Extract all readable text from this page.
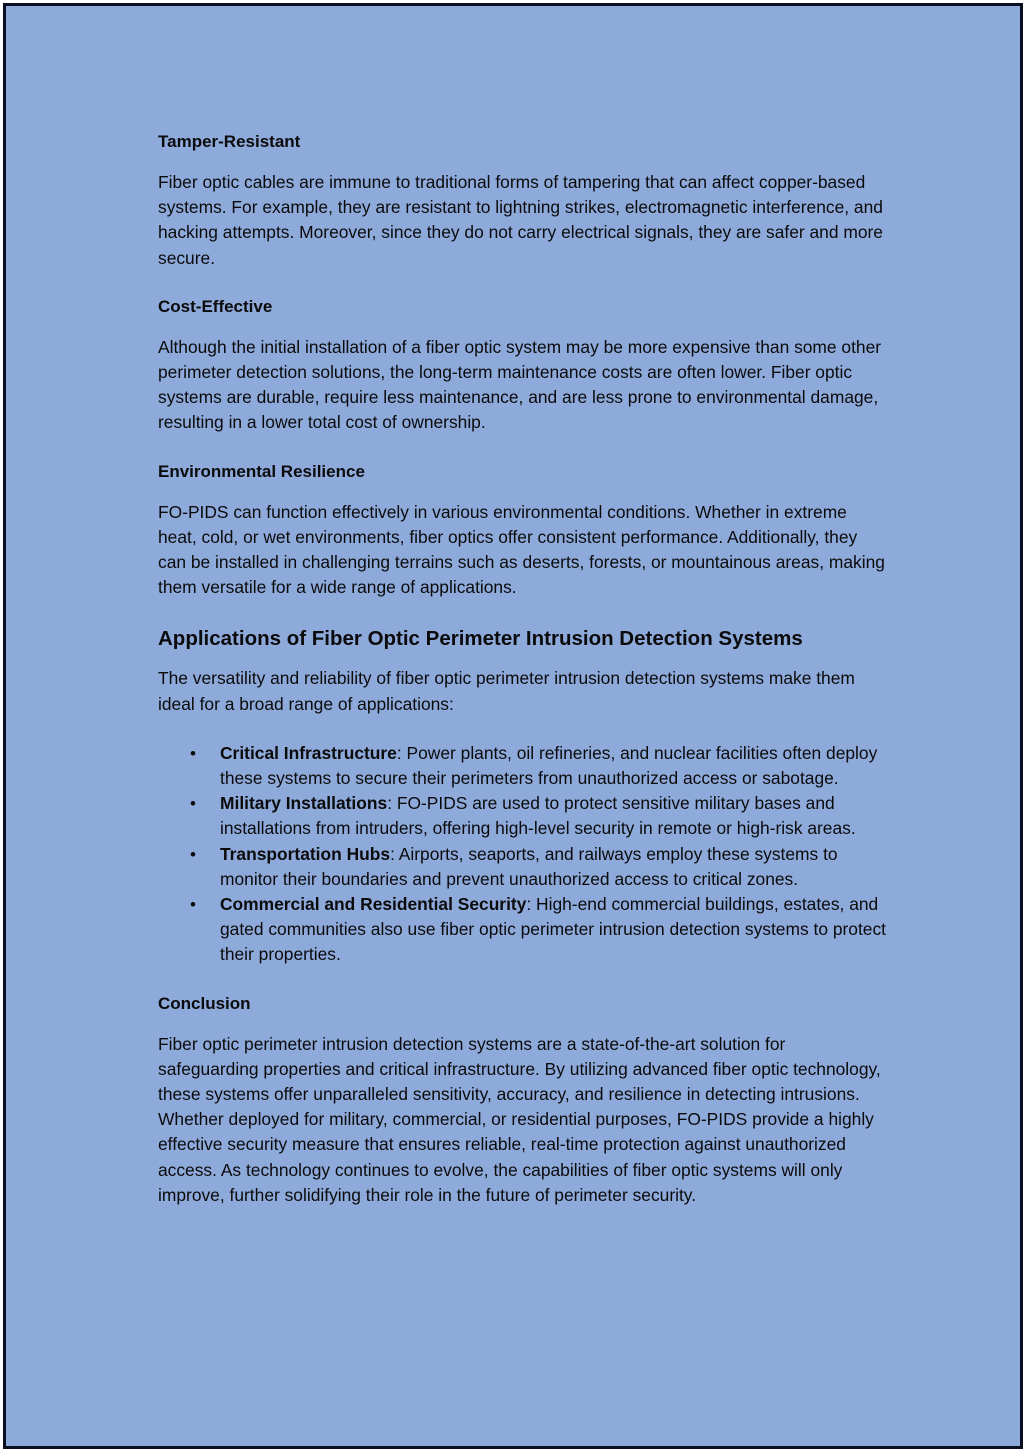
Tamper-Resistant
Fiber optic cables are immune to traditional forms of tampering that can affect copper-based systems. For example, they are resistant to lightning strikes, electromagnetic interference, and hacking attempts. Moreover, since they do not carry electrical signals, they are safer and more secure.
Cost-Effective
Although the initial installation of a fiber optic system may be more expensive than some other perimeter detection solutions, the long-term maintenance costs are often lower. Fiber optic systems are durable, require less maintenance, and are less prone to environmental damage, resulting in a lower total cost of ownership.
Environmental Resilience
FO-PIDS can function effectively in various environmental conditions. Whether in extreme heat, cold, or wet environments, fiber optics offer consistent performance. Additionally, they can be installed in challenging terrains such as deserts, forests, or mountainous areas, making them versatile for a wide range of applications.
Applications of Fiber Optic Perimeter Intrusion Detection Systems
The versatility and reliability of fiber optic perimeter intrusion detection systems make them ideal for a broad range of applications:
• Critical Infrastructure: Power plants, oil refineries, and nuclear facilities often deploy these systems to secure their perimeters from unauthorized access or sabotage.
• Military Installations: FO-PIDS are used to protect sensitive military bases and installations from intruders, offering high-level security in remote or high-risk areas.
• Transportation Hubs: Airports, seaports, and railways employ these systems to monitor their boundaries and prevent unauthorized access to critical zones.
• Commercial and Residential Security: High-end commercial buildings, estates, and gated communities also use fiber optic perimeter intrusion detection systems to protect their properties.
Conclusion
Fiber optic perimeter intrusion detection systems are a state-of-the-art solution for safeguarding properties and critical infrastructure. By utilizing advanced fiber optic technology, these systems offer unparalleled sensitivity, accuracy, and resilience in detecting intrusions. Whether deployed for military, commercial, or residential purposes, FO-PIDS provide a highly effective security measure that ensures reliable, real-time protection against unauthorized access. As technology continues to evolve, the capabilities of fiber optic systems will only improve, further solidifying their role in the future of perimeter security.
